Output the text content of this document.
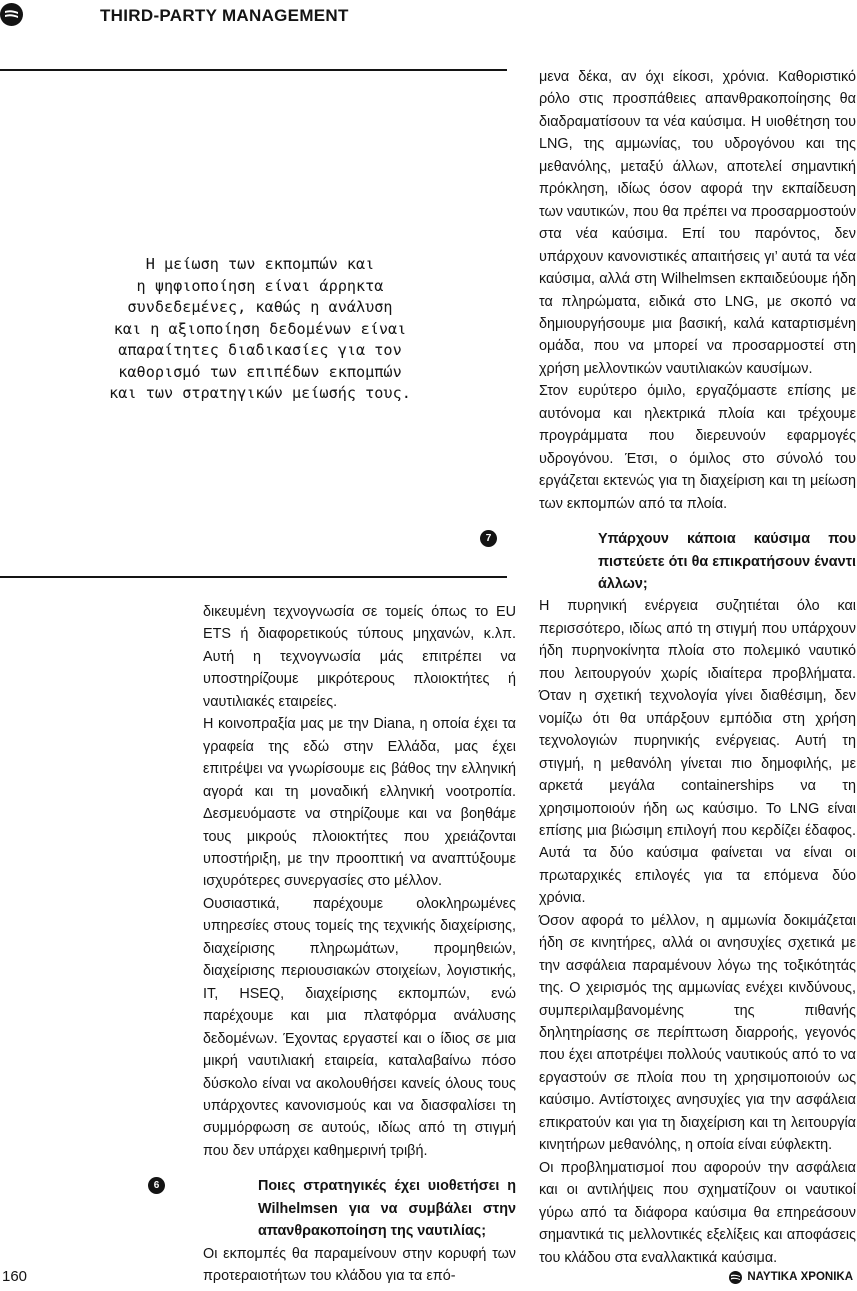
THIRD-PARTY MANAGEMENT
Η μείωση των εκπομπών και
η ψηφιοποίηση είναι άρρηκτα
συνδεδεμένες, καθώς η ανάλυση
και η αξιοποίηση δεδομένων είναι
απαραίτητες διαδικασίες για τον
καθορισμό των επιπέδων εκπομπών
και των στρατηγικών μείωσής τους.

δικευμένη τεχνογνωσία σε τομείς όπως το EU ETS ή διαφορετικούς τύπους μηχανών, κ.λπ. Αυτή η τεχνογνωσία μάς επιτρέπει να υποστηρίζουμε μικρότερους πλοιοκτήτες ή ναυτιλιακές εταιρείες.

Η κοινοπραξία μας με την Diana, η οποία έχει τα γραφεία της εδώ στην Ελλάδα, μας έχει επιτρέψει να γνωρίσουμε εις βάθος την ελληνική αγορά και τη μοναδική ελληνική νοοτροπία. Δεσμευόμαστε να στηρίζουμε και να βοηθάμε τους μικρούς πλοιοκτήτες που χρειάζονται υποστήριξη, με την προοπτική να αναπτύξουμε ισχυρότερες συνεργασίες στο μέλλον.

Ουσιαστικά, παρέχουμε ολοκληρωμένες υπηρεσίες στους τομείς της τεχνικής διαχείρισης, διαχείρισης πληρωμάτων, προμηθειών, διαχείρισης περιουσιακών στοιχείων, λογιστικής, IT, HSEQ, διαχείρισης εκπομπών, ενώ παρέχουμε και μια πλατφόρμα ανάλυσης δεδομένων. Έχοντας εργαστεί και ο ίδιος σε μια μικρή ναυτιλιακή εταιρεία, καταλαβαίνω πόσο δύσκολο είναι να ακολουθήσει κανείς όλους τους υπάρχοντες κανονισμούς και να διασφαλίσει τη συμμόρφωση σε αυτούς, ιδίως από τη στιγμή που δεν υπάρχει καθημερινή τριβή.

6	Ποιες στρατηγικές έχει υιοθετήσει η Wilhelmsen για να συμβάλει στην απανθρακοποίηση της ναυτιλίας;

Οι εκπομπές θα παραμείνουν στην κορυφή των προτεραιοτήτων του κλάδου για τα επό-

μενα δέκα, αν όχι είκοσι, χρόνια. Καθοριστικό ρόλο στις προσπάθειες απανθρακοποίησης θα διαδραματίσουν τα νέα καύσιμα. Η υιοθέτηση του LNG, της αμμωνίας, του υδρογόνου και της μεθανόλης, μεταξύ άλλων, αποτελεί σημαντική πρόκληση, ιδίως όσον αφορά την εκπαίδευση των ναυτικών, που θα πρέπει να προσαρμοστούν στα νέα καύσιμα. Επί του παρόντος, δεν υπάρχουν κανονιστικές απαιτήσεις γι’ αυτά τα νέα καύσιμα, αλλά στη Wilhelmsen εκπαιδεύουμε ήδη τα πληρώματα, ειδικά στο LNG, με σκοπό να δημιουργήσουμε μια βασική, καλά καταρτισμένη ομάδα, που να μπορεί να προσαρμοστεί στη χρήση μελλοντικών ναυτιλιακών καυσίμων.

Στον ευρύτερο όμιλο, εργαζόμαστε επίσης με αυτόνομα και ηλεκτρικά πλοία και τρέχουμε προγράμματα που διερευνούν εφαρμογές υδρογόνου. Έτσι, ο όμιλος στο σύνολό του εργάζεται εκτενώς για τη διαχείριση και τη μείωση των εκπομπών από τα πλοία.

7	Υπάρχουν κάποια καύσιμα που πιστεύετε ότι θα επικρατήσουν έναντι άλλων;

Η πυρηνική ενέργεια συζητιέται όλο και περισσότερο, ιδίως από τη στιγμή που υπάρχουν ήδη πυρηνοκίνητα πλοία στο πολεμικό ναυτικό που λειτουργούν χωρίς ιδιαίτερα προβλήματα. Όταν η σχετική τεχνολογία γίνει διαθέσιμη, δεν νομίζω ότι θα υπάρξουν εμπόδια στη χρήση τεχνολογιών πυρηνικής ενέργειας. Αυτή τη στιγμή, η μεθανόλη γίνεται πιο δημοφιλής, με αρκετά μεγάλα containerships να τη χρησιμοποιούν ήδη ως καύσιμο. Το LNG είναι επίσης μια βιώσιμη επιλογή που κερδίζει έδαφος. Αυτά τα δύο καύσιμα φαίνεται να είναι οι πρωταρχικές επιλογές για τα επόμενα δύο χρόνια.

Όσον αφορά το μέλλον, η αμμωνία δοκιμάζεται ήδη σε κινητήρες, αλλά οι ανησυχίες σχετικά με την ασφάλεια παραμένουν λόγω της τοξικότητάς της. Ο χειρισμός της αμμωνίας ενέχει κινδύνους, συμπεριλαμβανομένης της πιθανής δηλητηρίασης σε περίπτωση διαρροής, γεγονός που έχει αποτρέψει πολλούς ναυτικούς από το να εργαστούν σε πλοία που τη χρησιμοποιούν ως καύσιμο. Αντίστοιχες ανησυχίες για την ασφάλεια επικρατούν και για τη διαχείριση και τη λειτουργία κινητήρων μεθανόλης, η οποία είναι εύφλεκτη.

Οι προβληματισμοί που αφορούν την ασφάλεια και οι αντιλήψεις που σχηματίζουν οι ναυτικοί γύρω από τα διάφορα καύσιμα θα επηρεάσουν σημαντικά τις μελλοντικές εξελίξεις και αποφάσεις του κλάδου στα εναλλακτικά καύσιμα.

160	ΝΑΥΤΙΚΑ ΧΡΟΝΙΚΑ
